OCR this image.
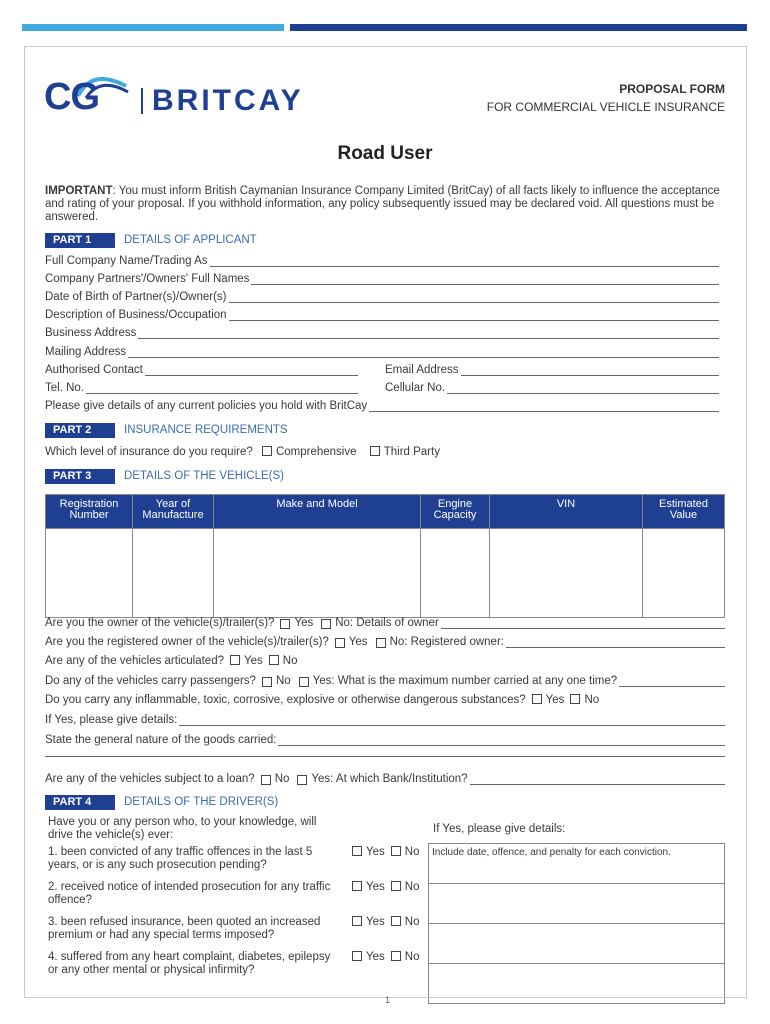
CG BRITCAY	PROPOSAL FORM
FOR COMMERCIAL VEHICLE INSURANCE
Road User
IMPORTANT: You must inform British Caymanian Insurance Company Limited (BritCay) of all facts likely to influence the acceptance and rating of your proposal. If you withhold information, any policy subsequently issued may be declared void. All questions must be answered.
PART 1	DETAILS OF APPLICANT
Full Company Name/Trading As
Company Partners'/Owners' Full Names
Date of Birth of Partner(s)/Owner(s)
Description of Business/Occupation
Business Address
Mailing Address
Authorised Contact	Email Address
Tel. No.	Cellular No.
Please give details of any current policies you hold with BritCay
PART 2	INSURANCE REQUIREMENTS
Which level of insurance do you require? Comprehensive Third Party
PART 3	DETAILS OF THE VEHICLE(S)
Registration Number	Year of Manufacture	Make and Model	Engine Capacity	VIN	Estimated Value

Are you the owner of the vehicle(s)/trailer(s)? Yes No: Details of owner
Are you the registered owner of the vehicle(s)/trailer(s)? Yes No: Registered owner:
Are any of the vehicles articulated? Yes No
Do any of the vehicles carry passengers? No Yes: What is the maximum number carried at any one time?
Do you carry any inflammable, toxic, corrosive, explosive or otherwise dangerous substances? Yes No
If Yes, please give details:
State the general nature of the goods carried:
Are any of the vehicles subject to a loan? No Yes: At which Bank/Institution?
PART 4	DETAILS OF THE DRIVER(S)
Have you or any person who, to your knowledge, will drive the vehicle(s) ever:	If Yes, please give details:
1. been convicted of any traffic offences in the last 5 years, or is any such prosecution pending?
Yes No
2. received notice of intended prosecution for any traffic offence?
Yes No
3. been refused insurance, been quoted an increased premium or had any special terms imposed?
Yes No
4. suffered from any heart complaint, diabetes, epilepsy or any other mental or physical infirmity?
Yes No
Include date, offence, and penalty for each conviction.

1
